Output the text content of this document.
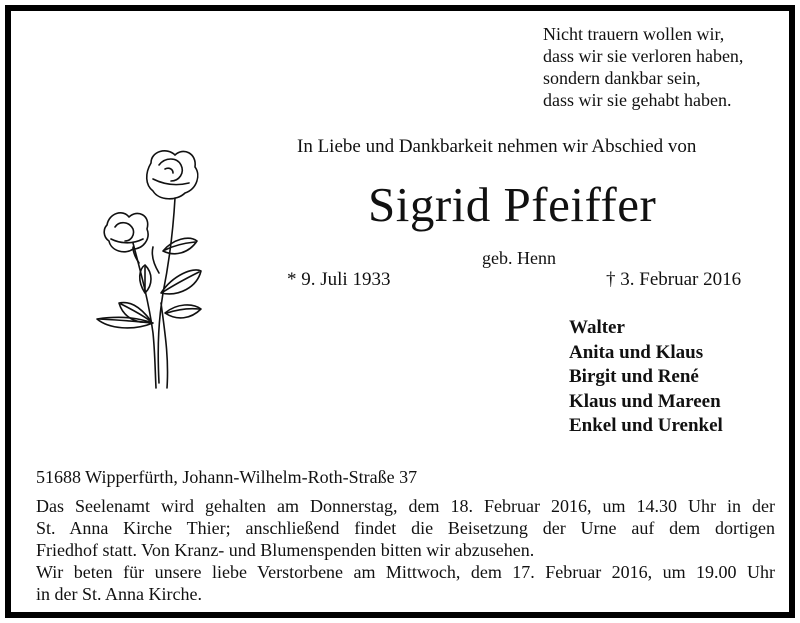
Nicht trauern wollen wir,
dass wir sie verloren haben,
sondern dankbar sein,
dass wir sie gehabt haben.
In Liebe und Dankbarkeit nehmen wir Abschied von
Sigrid Pfeiffer
geb. Henn
* 9. Juli 1933	† 3. Februar 2016
Walter
Anita und Klaus
Birgit und René
Klaus und Mareen
Enkel und Urenkel
51688 Wipperfürth, Johann-Wilhelm-Roth-Straße 37
Das Seelenamt wird gehalten am Donnerstag, dem 18. Februar 2016, um 14.30 Uhr in der
St. Anna Kirche Thier; anschließend findet die Beisetzung der Urne auf dem dortigen
Friedhof statt. Von Kranz- und Blumenspenden bitten wir abzusehen.
Wir beten für unsere liebe Verstorbene am Mittwoch, dem 17. Februar 2016, um 19.00 Uhr
in der St. Anna Kirche.
